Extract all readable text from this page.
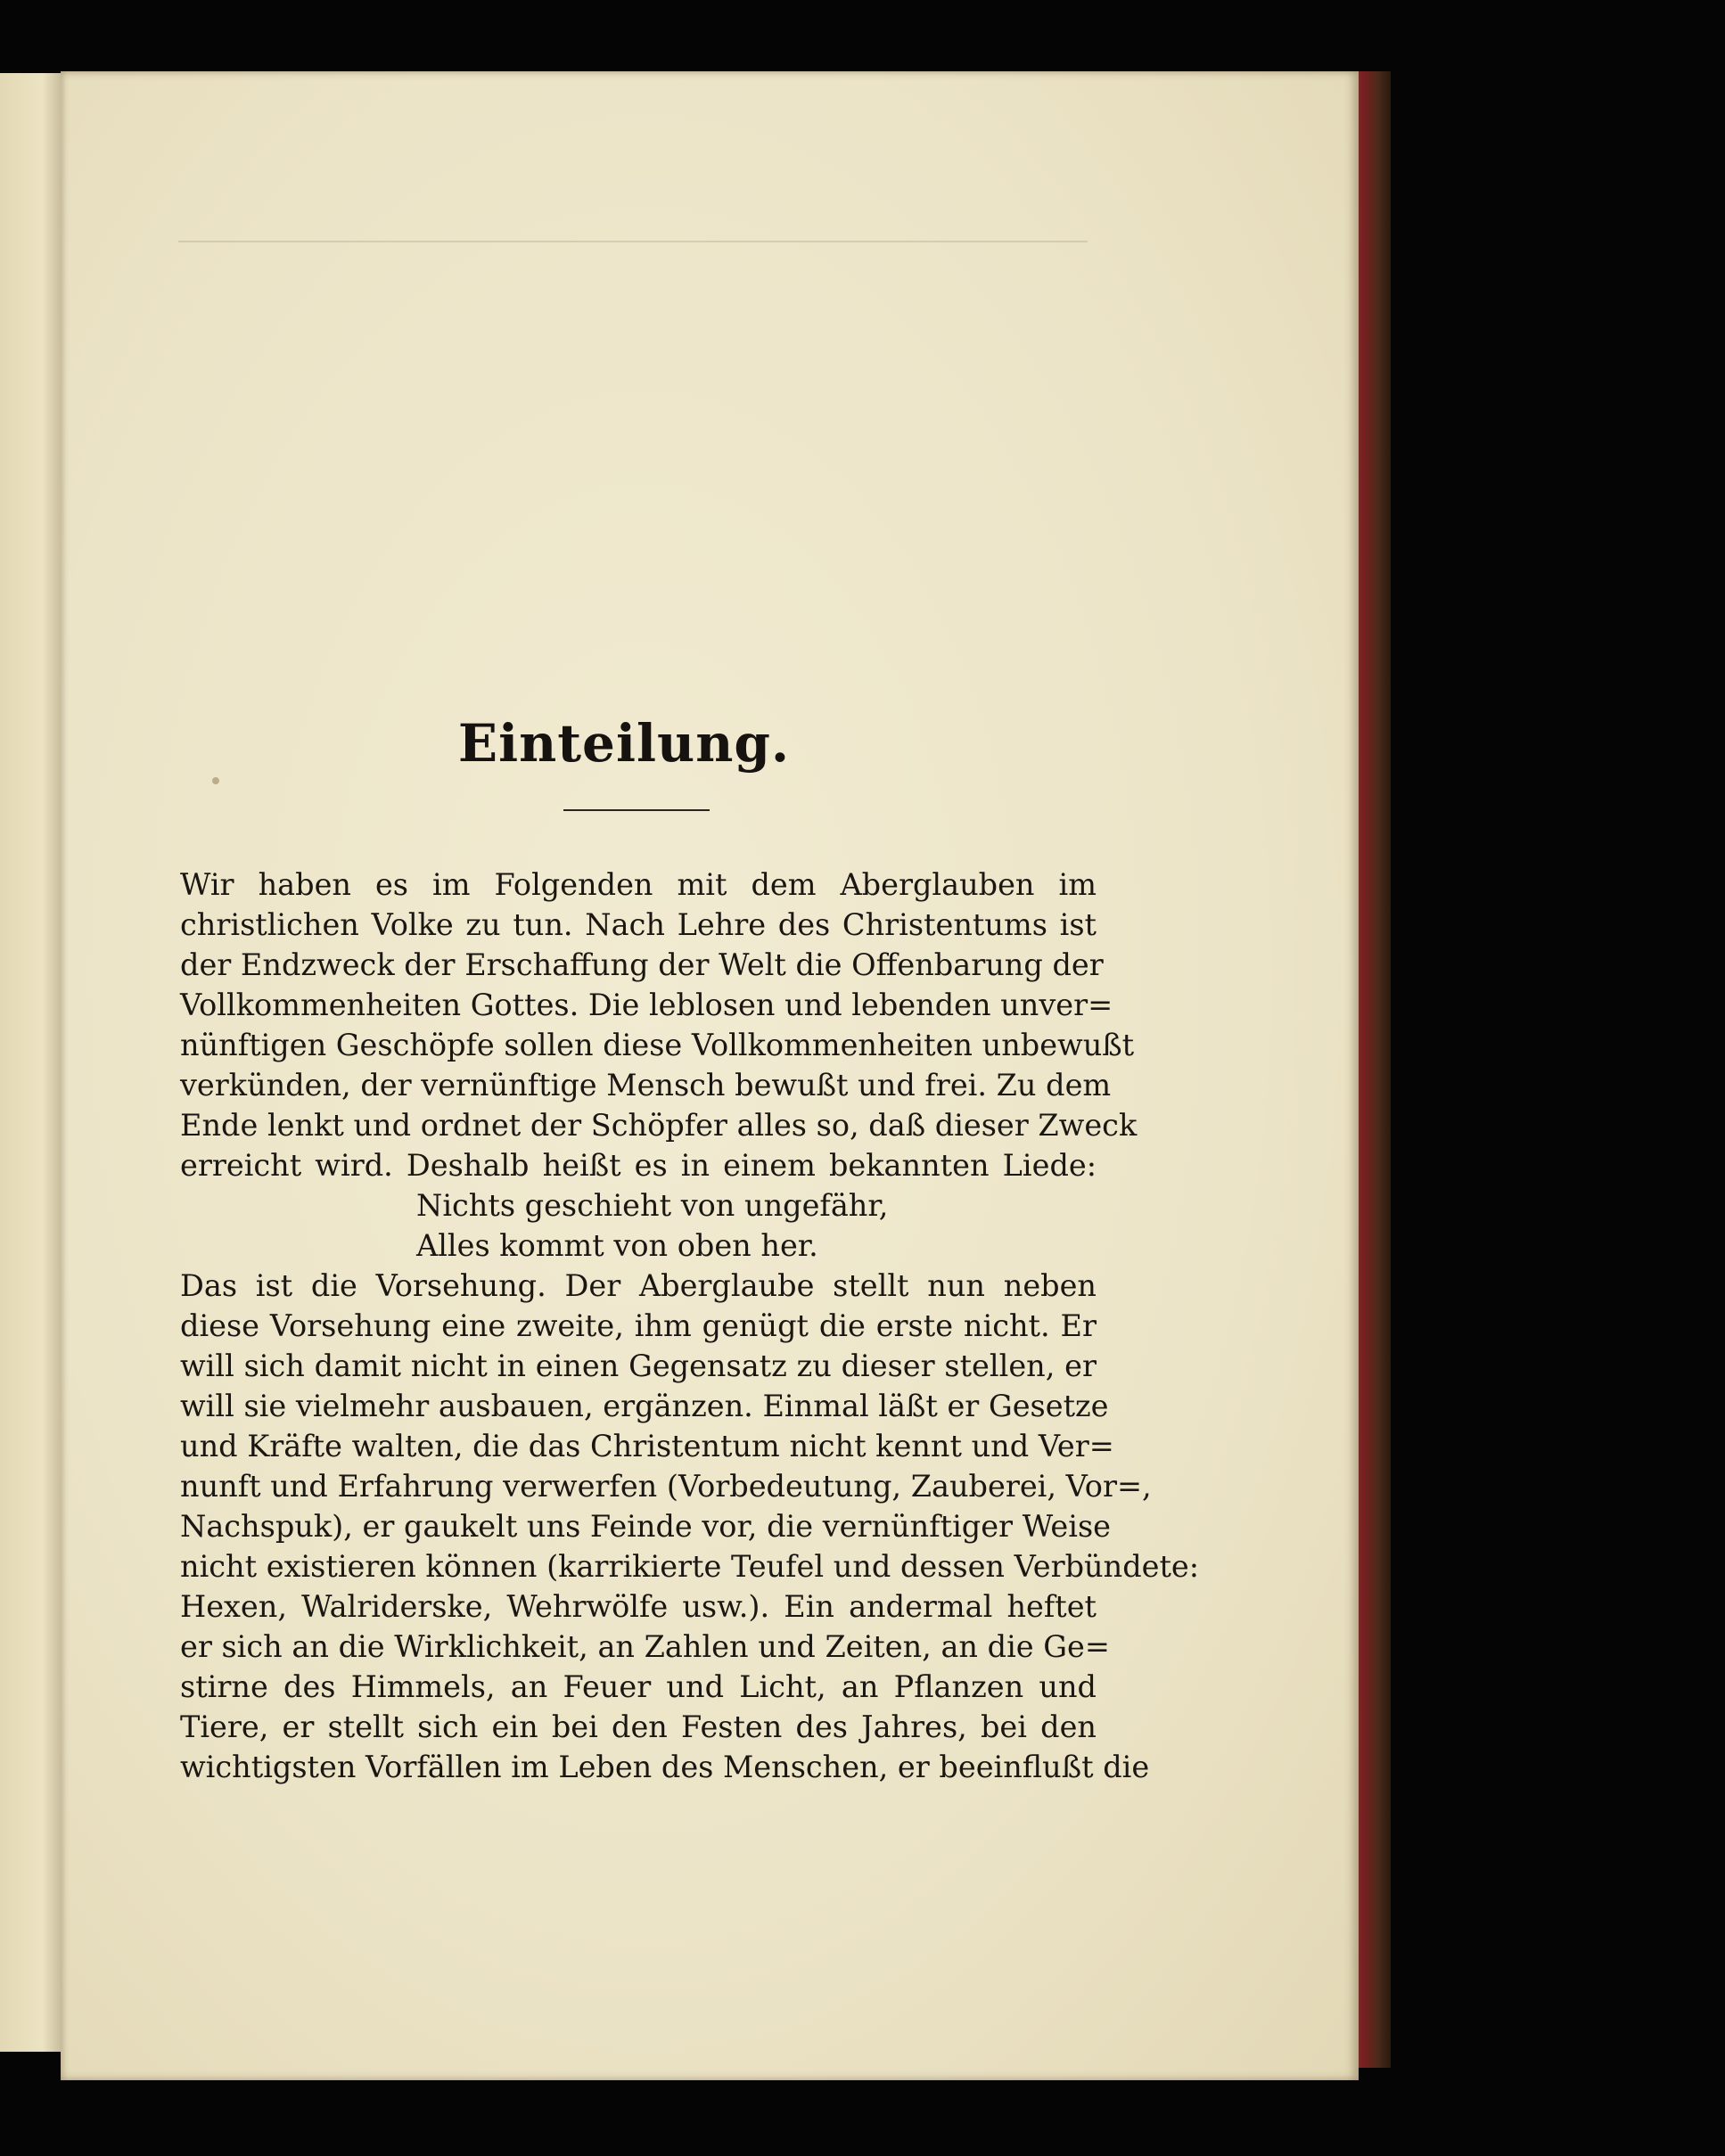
Einteilung.
Wir haben es im Folgenden mit dem Aberglauben im
christlichen Volke zu tun. Nach Lehre des Christentums ist
der Endzweck der Erschaffung der Welt die Offenbarung der
Vollkommenheiten Gottes. Die leblosen und lebenden unver=
nünftigen Geschöpfe sollen diese Vollkommenheiten unbewußt
verkünden, der vernünftige Mensch bewußt und frei. Zu dem
Ende lenkt und ordnet der Schöpfer alles so, daß dieser Zweck
erreicht wird. Deshalb heißt es in einem bekannten Liede:
Nichts geschieht von ungefähr,
Alles kommt von oben her.
Das ist die Vorsehung. Der Aberglaube stellt nun neben
diese Vorsehung eine zweite, ihm genügt die erste nicht. Er
will sich damit nicht in einen Gegensatz zu dieser stellen, er
will sie vielmehr ausbauen, ergänzen. Einmal läßt er Gesetze
und Kräfte walten, die das Christentum nicht kennt und Ver=
nunft und Erfahrung verwerfen (Vorbedeutung, Zauberei, Vor=,
Nachspuk), er gaukelt uns Feinde vor, die vernünftiger Weise
nicht existieren können (karrikierte Teufel und dessen Verbündete:
Hexen, Walriderske, Wehrwölfe usw.). Ein andermal heftet
er sich an die Wirklichkeit, an Zahlen und Zeiten, an die Ge=
stirne des Himmels, an Feuer und Licht, an Pflanzen und
Tiere, er stellt sich ein bei den Festen des Jahres, bei den
wichtigsten Vorfällen im Leben des Menschen, er beeinflußt die
